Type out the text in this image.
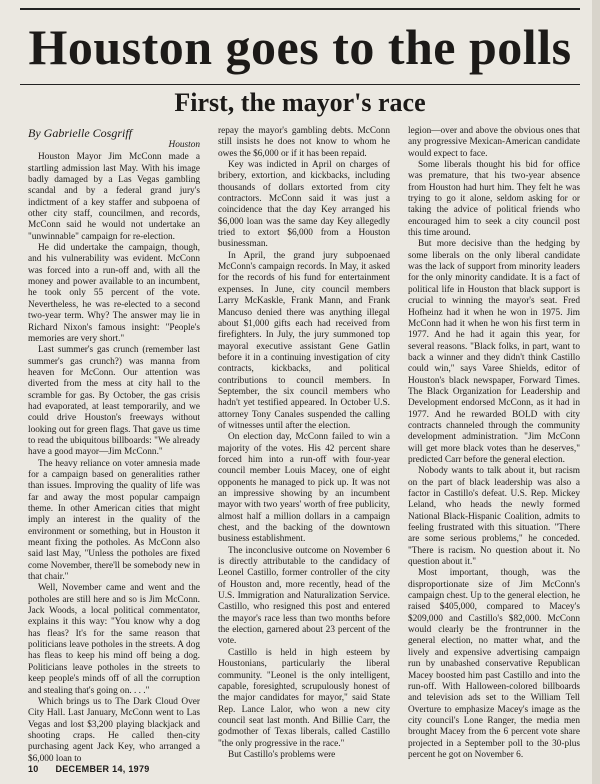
Houston goes to the polls
First, the mayor's race

By Gabrielle Cosgriff

Houston

Houston Mayor Jim McConn made a startling admission last May. With his image badly damaged by a Las Vegas gambling scandal and by a federal grand jury's indictment of a key staffer and subpoena of other city staff, councilmen, and records, McConn said he would not undertake an "unwinnable" campaign for re-election.

He did undertake the campaign, though, and his vulnerability was evident. McConn was forced into a run-off and, with all the money and power available to an incumbent, he took only 55 percent of the vote. Nevertheless, he was re-elected to a second two-year term. Why? The answer may lie in Richard Nixon's famous insight: "People's memories are very short."

Last summer's gas crunch (remember last summer's gas crunch?) was manna from heaven for McConn. Our attention was diverted from the mess at city hall to the scramble for gas. By October, the gas crisis had evaporated, at least temporarily, and we could drive Houston's freeways without looking out for green flags. That gave us time to read the ubiquitous billboards: "We already have a good mayor—Jim McConn."

The heavy reliance on voter amnesia made for a campaign based on generalities rather than issues. Improving the quality of life was far and away the most popular campaign theme. In other American cities that might imply an interest in the quality of the environment or something, but in Houston it meant fixing the potholes. As McConn also said last May, "Unless the potholes are fixed come November, there'll be somebody new in that chair."

Well, November came and went and the potholes are still here and so is Jim McConn. Jack Woods, a local political commentator, explains it this way: "You know why a dog has fleas? It's for the same reason that politicians leave potholes in the streets. A dog has fleas to keep his mind off being a dog. Politicians leave potholes in the streets to keep people's minds off of all the corruption and stealing that's going on. . . ."

Which brings us to The Dark Cloud Over City Hall. Last January, McConn went to Las Vegas and lost $3,200 playing blackjack and shooting craps. He called then-city purchasing agent Jack Key, who arranged a $6,000 loan to

repay the mayor's gambling debts. McConn still insists he does not know to whom he owes the $6,000 or if it has been repaid.

Key was indicted in April on charges of bribery, extortion, and kickbacks, including thousands of dollars extorted from city contractors. McConn said it was just a coincidence that the day Key arranged his $6,000 loan was the same day Key allegedly tried to extort $6,000 from a Houston businessman.

In April, the grand jury subpoenaed McConn's campaign records. In May, it asked for the records of his fund for entertainment expenses. In June, city council members Larry McKaskle, Frank Mann, and Frank Mancuso denied there was anything illegal about $1,000 gifts each had received from firefighters. In July, the jury summoned top mayoral executive assistant Gene Gatlin before it in a continuing investigation of city contracts, kickbacks, and political contributions to council members. In September, the six council members who hadn't yet testified appeared. In October U.S. attorney Tony Canales suspended the calling of witnesses until after the election.

On election day, McConn failed to win a majority of the votes. His 42 percent share forced him into a run-off with four-year council member Louis Macey, one of eight opponents he managed to pick up. It was not an impressive showing by an incumbent mayor with two years' worth of free publicity, almost half a million dollars in a campaign chest, and the backing of the downtown business establishment.

The inconclusive outcome on November 6 is directly attributable to the candidacy of Leonel Castillo, former controller of the city of Houston and, more recently, head of the U.S. Immigration and Naturalization Service. Castillo, who resigned this post and entered the mayor's race less than two months before the election, garnered about 23 percent of the vote.

Castillo is held in high esteem by Houstonians, particularly the liberal community. "Leonel is the only intelligent, capable, foresighted, scrupulously honest of the major candidates for mayor," said State Rep. Lance Lalor, who won a new city council seat last month. And Billie Carr, the godmother of Texas liberals, called Castillo "the only progressive in the race."

But Castillo's problems were

legion—over and above the obvious ones that any progressive Mexican-American candidate would expect to face.

Some liberals thought his bid for office was premature, that his two-year absence from Houston had hurt him. They felt he was trying to go it alone, seldom asking for or taking the advice of political friends who encouraged him to seek a city council post this time around.

But more decisive than the hedging by some liberals on the only liberal candidate was the lack of support from minority leaders for the only minority candidate. It is a fact of political life in Houston that black support is crucial to winning the mayor's seat. Fred Hofheinz had it when he won in 1975. Jim McConn had it when he won his first term in 1977. And he had it again this year, for several reasons. "Black folks, in part, want to back a winner and they didn't think Castillo could win," says Varee Shields, editor of Houston's black newspaper, Forward Times. The Black Organization for Leadership and Development endorsed McConn, as it had in 1977. And he rewarded BOLD with city contracts channeled through the community development administration. "Jim McConn will get more black votes than he deserves," predicted Carr before the general election.

Nobody wants to talk about it, but racism on the part of black leadership was also a factor in Castillo's defeat. U.S. Rep. Mickey Leland, who heads the newly formed National Black-Hispanic Coalition, admits to feeling frustrated with this situation. "There are some serious problems," he conceded. "There is racism. No question about it. No question about it."

Most important, though, was the disproportionate size of Jim McConn's campaign chest. Up to the general election, he raised $405,000, compared to Macey's $209,000 and Castillo's $82,000. McConn would clearly be the frontrunner in the general election, no matter what, and the lively and expensive advertising campaign run by unabashed conservative Republican Macey boosted him past Castillo and into the run-off. With Halloween-colored billboards and television ads set to the William Tell Overture to emphasize Macey's image as the city council's Lone Ranger, the media men brought Macey from the 6 percent vote share projected in a September poll to the 30-plus percent he got on November 6.

10 DECEMBER 14, 1979
